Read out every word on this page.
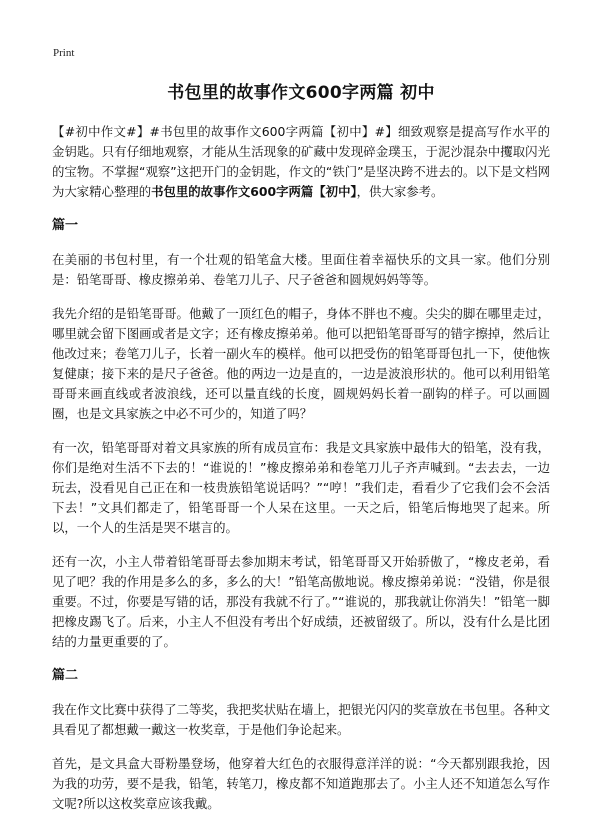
Print
书包里的故事作文600字两篇 初中

【#初中作文#】#书包里的故事作文600字两篇【初中】#】细致观察是提高写作水平的金钥匙。只有仔细地观察，才能从生活现象的矿藏中发现碎金璞玉，于泥沙混杂中攫取闪光的宝物。不掌握“观察”这把开门的金钥匙，作文的“铁门”是坚决跨不进去的。以下是文档网为大家精心整理的书包里的故事作文600字两篇【初中】，供大家参考。

篇一

在美丽的书包村里，有一个壮观的铅笔盒大楼。里面住着幸福快乐的文具一家。他们分别是：铅笔哥哥、橡皮擦弟弟、卷笔刀儿子、尺子爸爸和圆规妈妈等等。

我先介绍的是铅笔哥哥。他戴了一顶红色的帽子，身体不胖也不瘦。尖尖的脚在哪里走过，哪里就会留下图画或者是文字；还有橡皮擦弟弟。他可以把铅笔哥哥写的错字擦掉，然后让他改过来；卷笔刀儿子，长着一副火车的模样。他可以把受伤的铅笔哥哥包扎一下，使他恢复健康；接下来的是尺子爸爸。他的两边一边是直的，一边是波浪形状的。他可以利用铅笔哥哥来画直线或者波浪线，还可以量直线的长度，圆规妈妈长着一副钩的样子。可以画圆圈，也是文具家族之中必不可少的，知道了吗？

有一次，铅笔哥哥对着文具家族的所有成员宣布：我是文具家族中最伟大的铅笔，没有我，你们是绝对生活不下去的！“谁说的！”橡皮擦弟弟和卷笔刀儿子齐声喊到。“去去去，一边玩去，没看见自己正在和一枝贵族铅笔说话吗？”“哼！”我们走，看看少了它我们会不会活下去！”文具们都走了，铅笔哥哥一个人呆在这里。一天之后，铅笔后悔地哭了起来。所以，一个人的生活是哭不堪言的。

还有一次，小主人带着铅笔哥哥去参加期末考试，铅笔哥哥又开始骄傲了，“橡皮老弟，看见了吧？我的作用是多么的多，多么的大！”铅笔高傲地说。橡皮擦弟弟说：“没错，你是很重要。不过，你要是写错的话，那没有我就不行了。”“谁说的，那我就让你消失！”铅笔一脚把橡皮踢飞了。后来，小主人不但没有考出个好成绩，还被留级了。所以，没有什么是比团结的力量更重要的了。

篇二

我在作文比赛中获得了二等奖，我把奖状贴在墙上，把银光闪闪的奖章放在书包里。各种文具看见了都想戴一戴这一枚奖章，于是他们争论起来。

首先，是文具盒大哥粉墨登场，他穿着大红色的衣服得意洋洋的说：“今天都别跟我抢，因为我的功劳，要不是我，铅笔，转笔刀，橡皮都不知道跑那去了。小主人还不知道怎么写作文呢?所以这枚奖章应该我戴。
